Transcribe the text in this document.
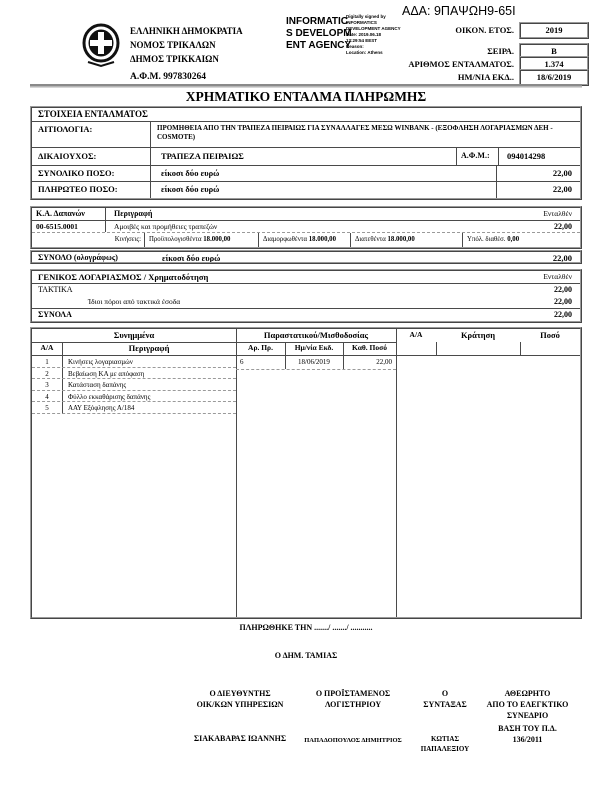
ΕΛΛΗΝΙΚΗ ΔΗΜΟΚΡΑΤΙΑ
ΝΟΜΟΣ ΤΡΙΚΑΛΩΝ
ΔΗΜΟΣ ΤΡΙΚΚΑΙΩΝ
Α.Φ.Μ. 997830264
INFORMATICS DEVELOPMENT AGENCY
Digitally signed by
INFORMATICS
DEVELOPMENT AGENCY
Date: 2019.06.18
13:29:54 EEST
Reason:
Location: Athens
ΑΔΑ: 9ΠΑΨΩΗ9-65Ι
ΟΙΚΟΝ. ΕΤΟΣ.	2019
ΣΕΙΡΑ.	Β
ΑΡΙΘΜΟΣ ΕΝΤΑΛΜΑΤΟΣ.	1.374
ΗΜ/ΝΙΑ ΕΚΔ..	18/6/2019
ΧΡΗΜΑΤΙΚΟ ΕΝΤΑΛΜΑ ΠΛΗΡΩΜΗΣ
ΣΤΟΙΧΕΙΑ ΕΝΤΑΛΜΑΤΟΣ
ΑΙΤΙΟΛΟΓΙΑ:	ΠΡΟΜΗΘΕΙΑ ΑΠΟ ΤΗΝ ΤΡΑΠΕΖΑ ΠΕΙΡΑΙΩΣ ΓΙΑ ΣΥΝΑΛΛΑΓΕΣ ΜΕΣΩ WINBANK - (ΕΞΟΦΛΗΣΗ ΛΟΓΑΡΙΑΣΜΩΝ ΔΕΗ - COSMOTE)
ΔΙΚΑΙΟΥΧΟΣ:	ΤΡΑΠΕΖΑ ΠΕΙΡΑΙΩΣ	Α.Φ.Μ.:	094014298
ΣΥΝΟΛΙΚΟ ΠΟΣΟ:	είκοσι δύο ευρώ	22,00
ΠΛΗΡΩΤΕΟ ΠΟΣΟ:	είκοσι δύο ευρώ	22,00
Κ.Α. Δαπανών	Περιγραφή	Ενταλθέν
00-6515.0001	Αμοιβές και προμήθειες τραπεζών	22,00
Κινήσεις:	Προϋπολογισθέντα 18.000,00	Διαμορφωθέντα 18.000,00	Διατεθέντα 18.000,00	Υπόλ. διαθέσ. 0,00
ΣΥΝΟΛΟ (ολογράφως)	είκοσι δύο ευρώ	22,00
ΓΕΝΙΚΟΣ ΛΟΓΑΡΙΑΣΜΟΣ / Χρηματοδότηση	Ενταλθέν
ΤΑΚΤΙΚΑ	22,00
Ίδιοι πόροι από τακτικά έσοδα	22,00
ΣΥΝΟΛΑ	22,00
Συνημμένα
Α/Α	Περιγραφή
1	Κινήσεις λογαριασμών
2	Βεβαίωση ΚΑ με απόφαση
3	Κατάσταση δαπάνης
4	Φύλλο εκκαθάρισης δαπάνης
5	ΑΑΥ Εξόφλησης Α/184
Παραστατικού/Μισθοδοσίας
Αρ. Πρ.	Ημ/νία Εκδ.	Καθ. Ποσό
6	18/06/2019	22,00
Α/Α	Κράτηση	Ποσό
ΠΛΗΡΩΘΗΚΕ ΤΗΝ ......./ ......./ ...........
Ο ΔΗΜ. ΤΑΜΙΑΣ
Ο ΔΙΕΥΘΥΝΤΗΣ
ΟΙΚ/ΚΩΝ ΥΠΗΡΕΣΙΩΝ
ΣΙΑΚΑΒΑΡΑΣ ΙΩΑΝΝΗΣ
Ο ΠΡΟΪΣΤΑΜΕΝΟΣ
ΛΟΓΙΣΤΗΡΙΟΥ
ΠΑΠΑΔΟΠΟΥΛΟΣ ΔΗΜΗΤΡΙΟΣ
Ο
ΣΥΝΤΑΞΑΣ
ΚΩΤΙΑΣ
ΠΑΠΑΛΕΞΙΟΥ
ΑΘΕΩΡΗΤΟ
ΑΠΟ ΤΟ ΕΛΕΓΚΤΙΚΟ
ΣΥΝΕΔΡΙΟ
ΒΑΣΗ ΤΟΥ Π.Δ.
136/2011
